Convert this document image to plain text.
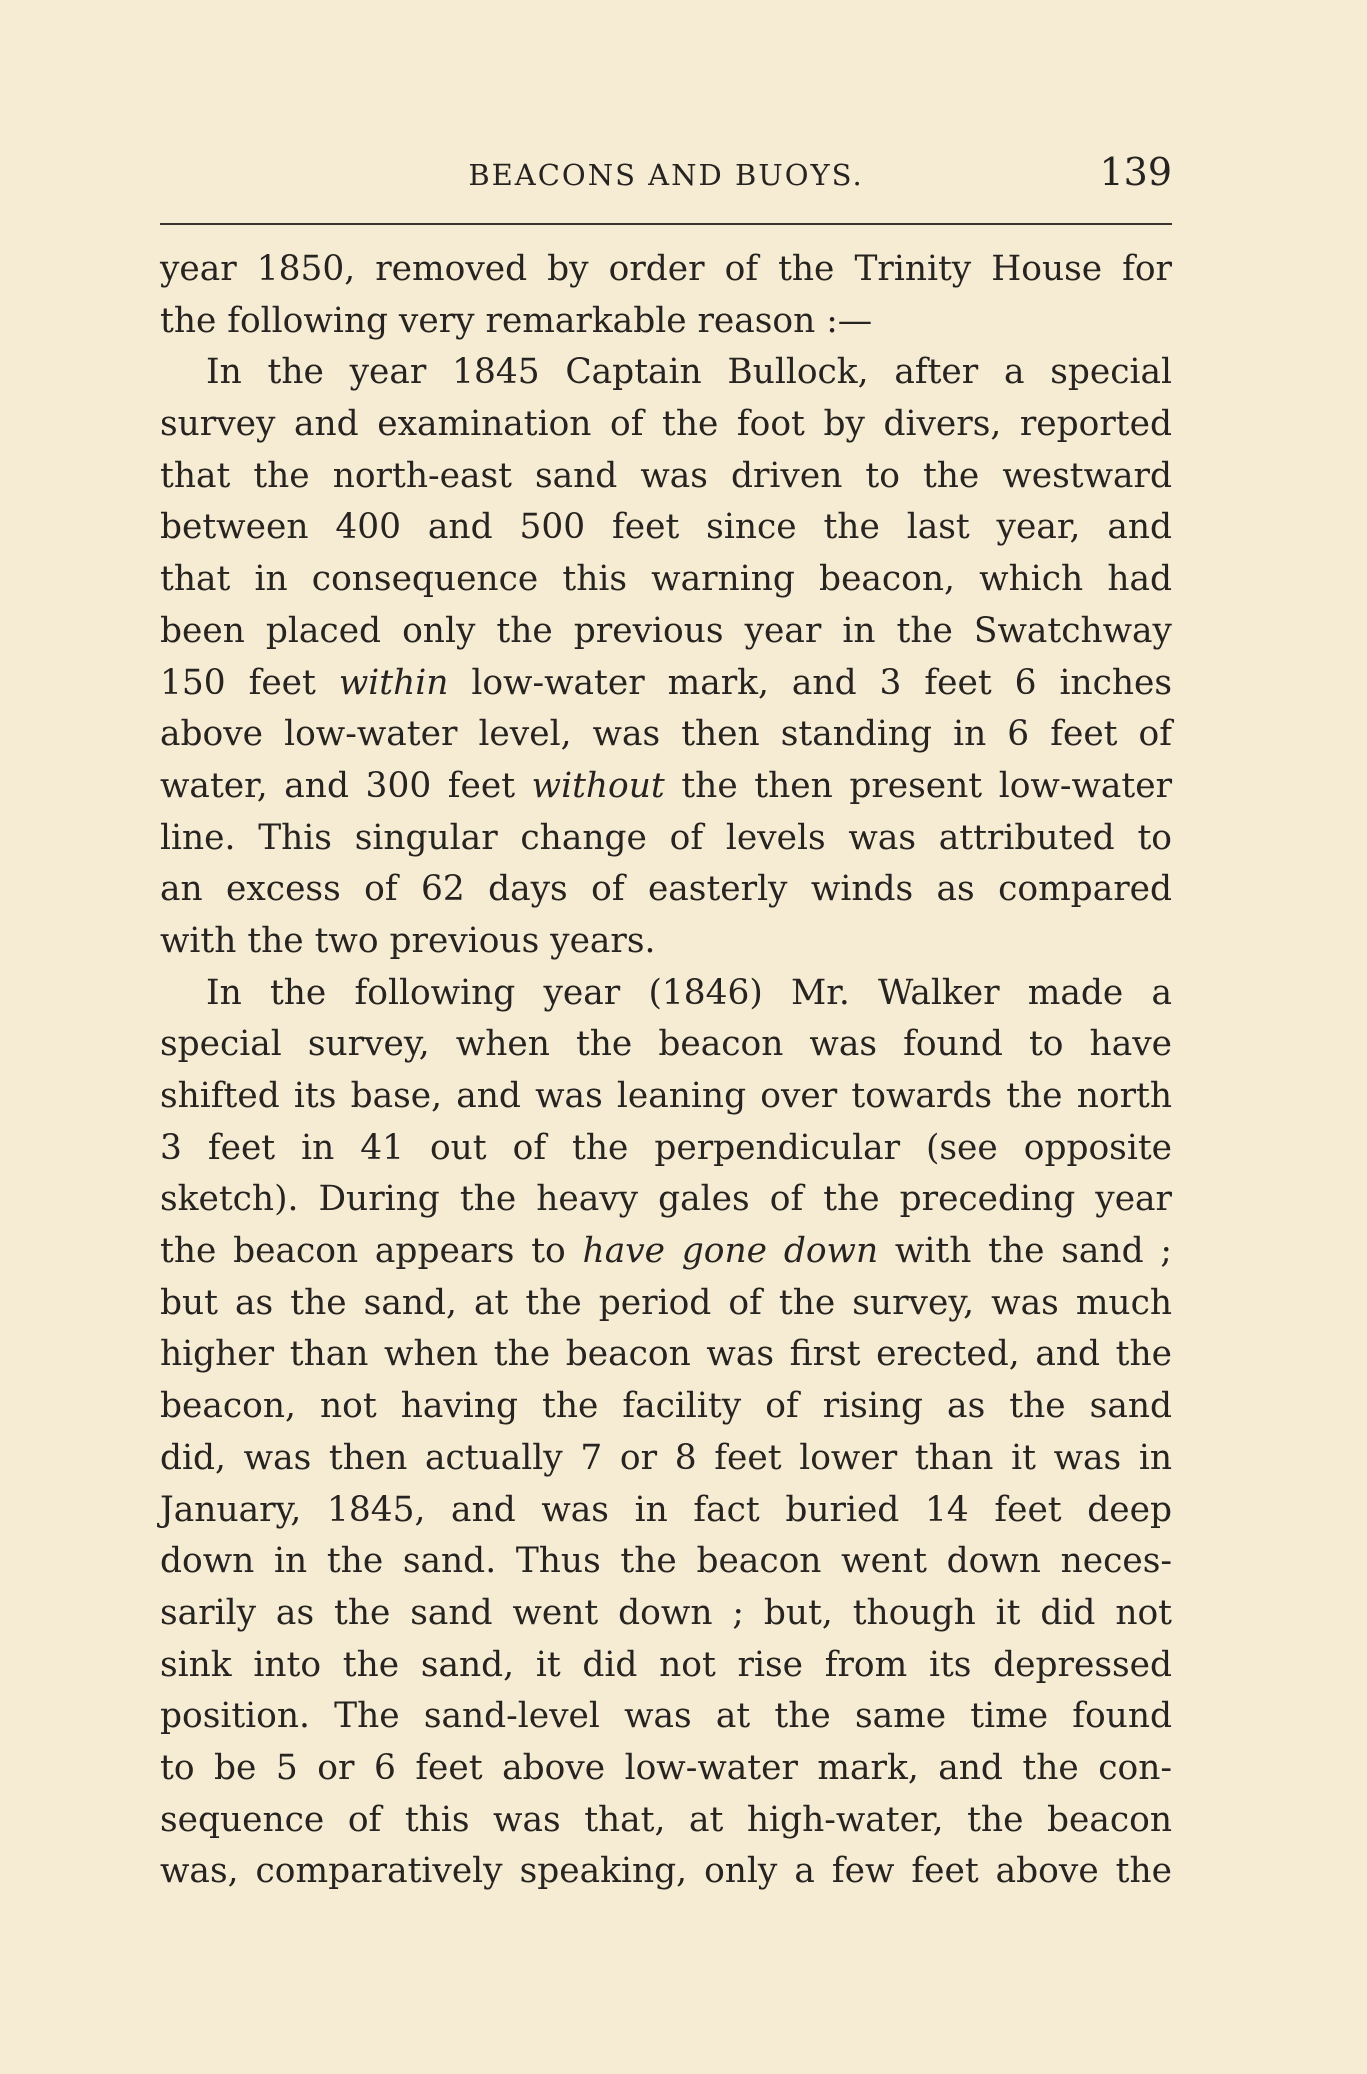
BEACONS AND BUOYS.	139
year 1850, removed by order of the Trinity House for
the following very remarkable reason :—
In the year 1845 Captain Bullock, after a special
survey and examination of the foot by divers, reported
that the north-east sand was driven to the westward
between 400 and 500 feet since the last year, and
that in consequence this warning beacon, which had
been placed only the previous year in the Swatchway
150 feet within low-water mark, and 3 feet 6 inches
above low-water level, was then standing in 6 feet of
water, and 300 feet without the then present low-water
line. This singular change of levels was attributed to
an excess of 62 days of easterly winds as compared
with the two previous years.
In the following year (1846) Mr. Walker made a
special survey, when the beacon was found to have
shifted its base, and was leaning over towards the north
3 feet in 41 out of the perpendicular (see opposite
sketch). During the heavy gales of the preceding year
the beacon appears to have gone down with the sand ;
but as the sand, at the period of the survey, was much
higher than when the beacon was first erected, and the
beacon, not having the facility of rising as the sand
did, was then actually 7 or 8 feet lower than it was in
January, 1845, and was in fact buried 14 feet deep
down in the sand. Thus the beacon went down neces-
sarily as the sand went down ; but, though it did not
sink into the sand, it did not rise from its depressed
position. The sand-level was at the same time found
to be 5 or 6 feet above low-water mark, and the con-
sequence of this was that, at high-water, the beacon
was, comparatively speaking, only a few feet above the
